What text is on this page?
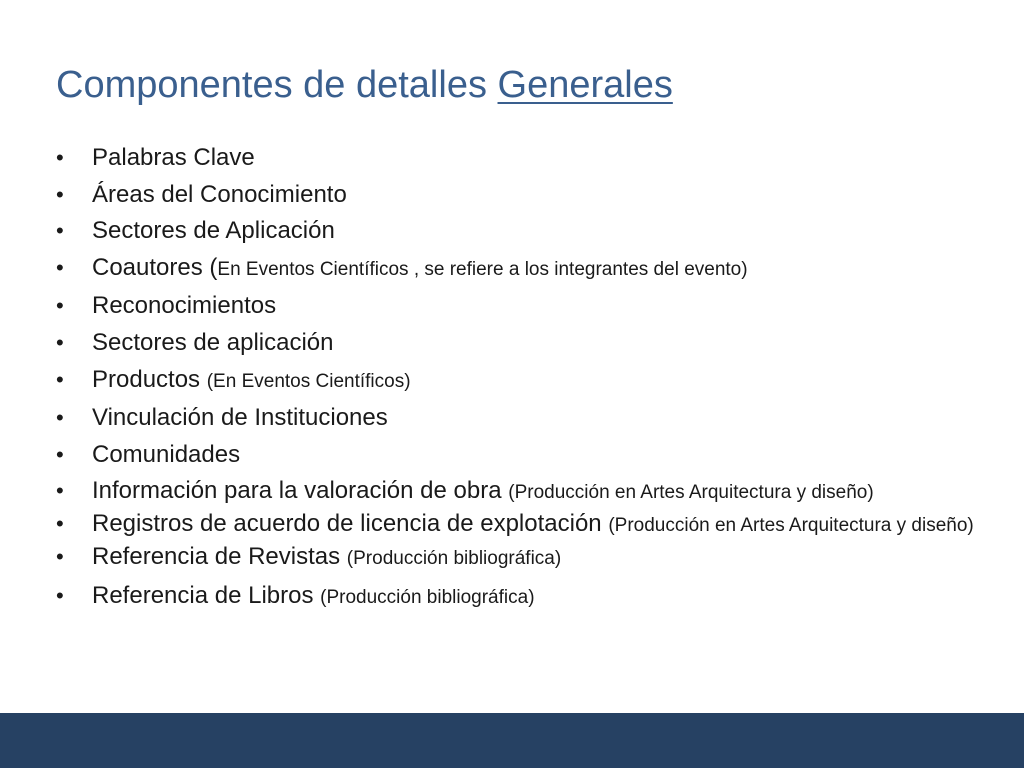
Componentes de detalles Generales
• Palabras Clave
• Áreas del Conocimiento
• Sectores de Aplicación
• Coautores (En Eventos Científicos , se refiere a los integrantes del evento)
• Reconocimientos
• Sectores de aplicación
• Productos (En Eventos Científicos)
• Vinculación de Instituciones
• Comunidades
• Información para la valoración de obra (Producción en Artes Arquitectura y diseño)
• Registros de acuerdo de licencia de explotación (Producción en Artes Arquitectura y diseño)
• Referencia de Revistas (Producción bibliográfica)
• Referencia de Libros (Producción bibliográfica)
